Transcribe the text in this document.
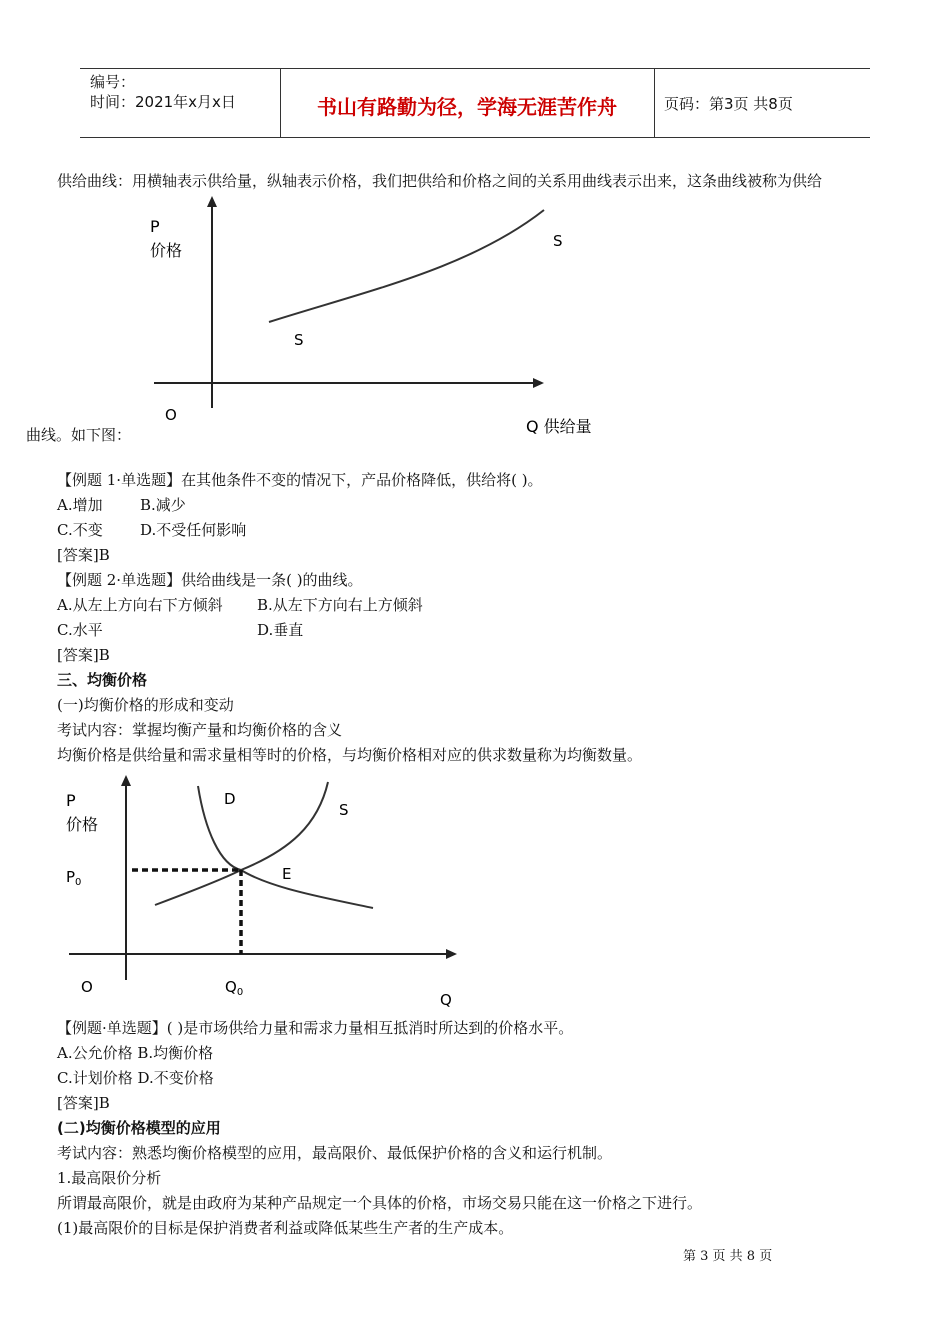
编号：
时间：2021年x月x日	书山有路勤为径，学海无涯苦作舟	页码：第3页 共8页
供给曲线：用横轴表示供给量，纵轴表示价格，我们把供给和价格之间的关系用曲线表示出来，这条曲线被称为供给
P
价格	S
S
O
Q 供给量
曲线。如下图：
【例题 1·单选题】在其他条件不变的情况下，产品价格降低，供给将( )。
A.增加 B.减少
C.不变 D.不受任何影响
[答案]B
【例题 2·单选题】供给曲线是一条( )的曲线。
A.从左上方向右下方倾斜 B.从左下方向右上方倾斜
C.水平	D.垂直
[答案]B
三、均衡价格
(一)均衡价格的形成和变动
考试内容：掌握均衡产量和均衡价格的含义
均衡价格是供给量和需求量相等时的价格，与均衡价格相对应的供求数量称为均衡数量。
P
价格
$P_0$
D
S
E
O	$Q_0$	Q
【例题·单选题】( )是市场供给力量和需求力量相互抵消时所达到的价格水平。
A.公允价格 B.均衡价格
C.计划价格 D.不变价格
[答案]B
(二)均衡价格模型的应用
考试内容：熟悉均衡价格模型的应用，最高限价、最低保护价格的含义和运行机制。
1.最高限价分析
所谓最高限价，就是由政府为某种产品规定一个具体的价格，市场交易只能在这一价格之下进行。
(1)最高限价的目标是保护消费者利益或降低某些生产者的生产成本。
第 3 页 共 8 页
